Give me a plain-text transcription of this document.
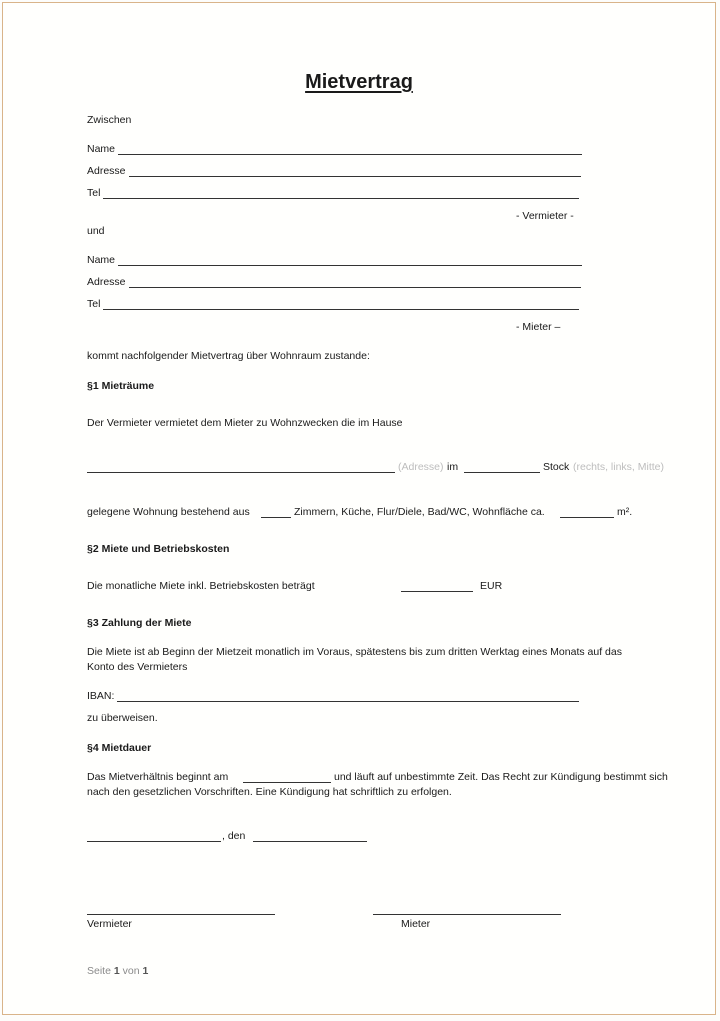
Mietvertrag
Zwischen
Name
Adresse
Tel
- Vermieter -
und
Name
Adresse
Tel
- Mieter –
kommt nachfolgender Mietvertrag über Wohnraum zustande:
§1 Mieträume
Der Vermieter vermietet dem Mieter zu Wohnzwecken die im Hause
(Adresse) im	Stock (rechts, links, Mitte)
gelegene Wohnung bestehend aus	Zimmern, Küche, Flur/Diele, Bad/WC, Wohnfläche ca.	m².
§2 Miete und Betriebskosten
Die monatliche Miete inkl. Betriebskosten beträgt	EUR
§3 Zahlung der Miete
Die Miete ist ab Beginn der Mietzeit monatlich im Voraus, spätestens bis zum dritten Werktag eines Monats auf das
Konto des Vermieters
IBAN:
zu überweisen.
§4 Mietdauer
Das Mietverhältnis beginnt am	und läuft auf unbestimmte Zeit. Das Recht zur Kündigung bestimmt sich
nach den gesetzlichen Vorschriften. Eine Kündigung hat schriftlich zu erfolgen.
, den
Vermieter	Mieter
Seite 1 von 1
